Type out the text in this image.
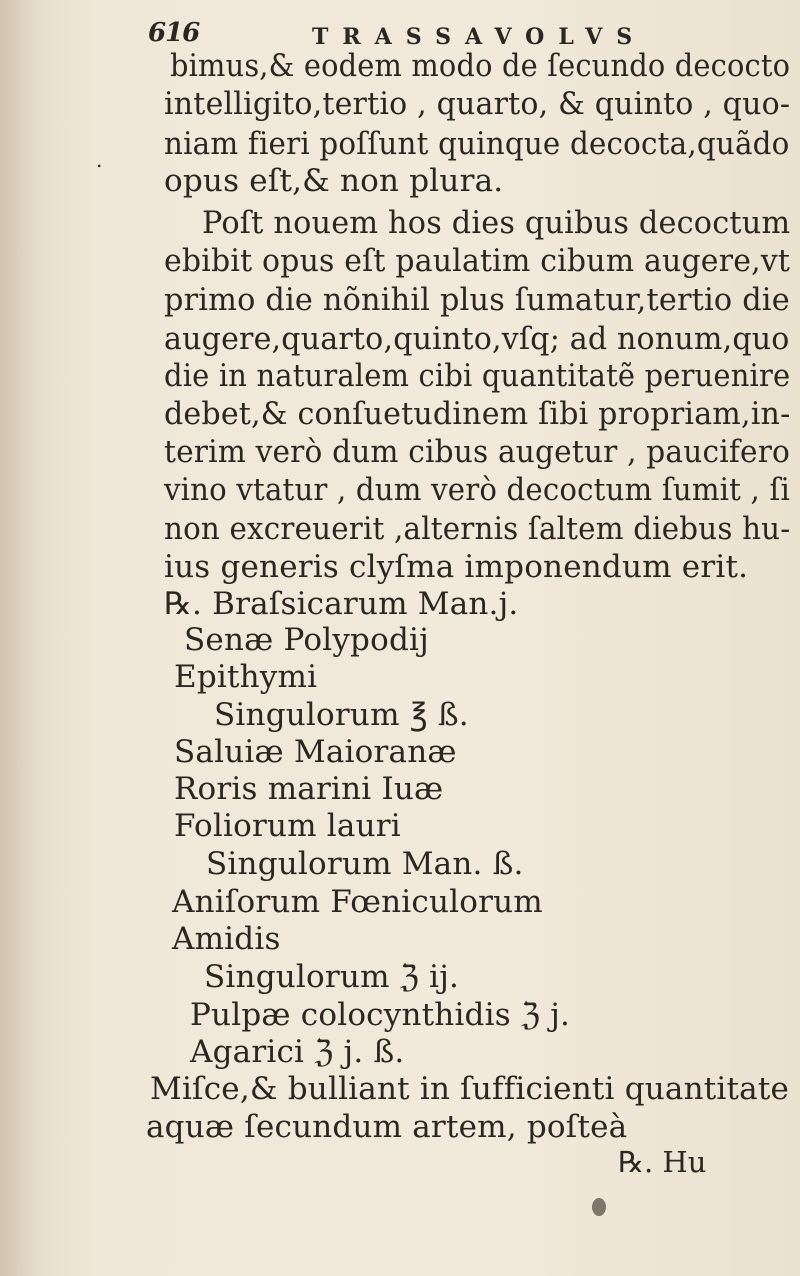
616	TRASSAVOLVS
.
bimus,& eodem modo de ſecundo decocto
intelligito,tertio , quarto, & quinto , quo-
niam fieri poſſunt quinque decocta,quãdo
opus eſt,& non plura.
Poſt nouem hos dies quibus decoctum
ebibit opus eſt paulatim cibum augere,vt
primo die nõnihil plus ſumatur,tertio die
augere,quarto,quinto,vſq; ad nonum,quo
die in naturalem cibi quantitatẽ peruenire
debet,& conſuetudinem ſibi propriam,in-
terim verò dum cibus augetur , paucifero
vino vtatur , dum verò decoctum ſumit , ſi
non excreuerit ,alternis ſaltem diebus hu-
ius generis clyſma imponendum erit.
℞. Braſsicarum Man.j.
Senæ Polypodij
Epithymi
Singulorum ℥ ß.
Saluiæ Maioranæ
Roris marini Iuæ
Foliorum lauri
Singulorum Man. ß.
Aniſorum Fœniculorum
Amidis
Singulorum ℨ ij.
Pulpæ colocynthidis ℨ j.
Agarici ℨ j. ß.
Miſce,& bulliant in ſufficienti quantitate
aquæ ſecundum artem, poſteà
℞. Hu
